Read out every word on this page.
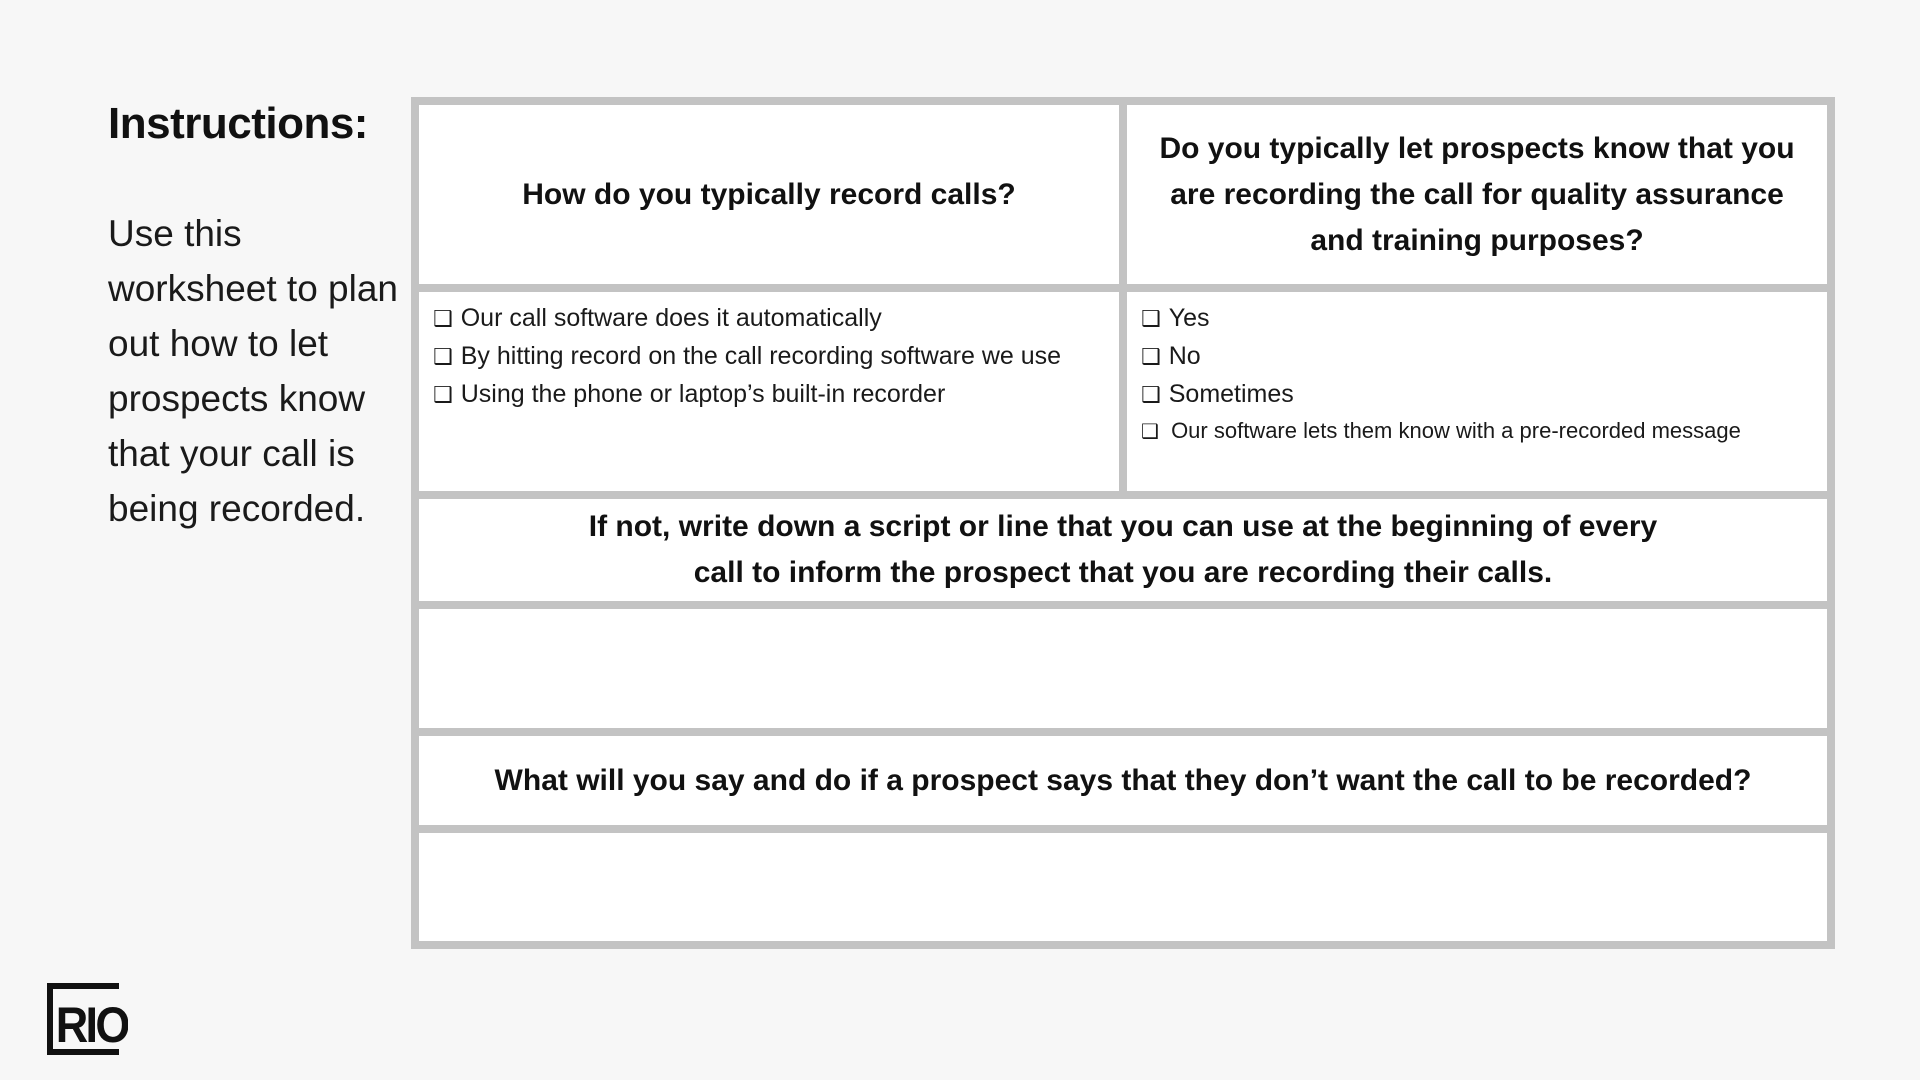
Instructions:

Use this worksheet to plan out how to let prospects know that your call is being recorded.

How do you typically record calls?
Do you typically let prospects know that you are recording the call for quality assurance and training purposes?
❑ Our call software does it automatically
❑ By hitting record on the call recording software we use
❑ Using the phone or laptop’s built-in recorder
❑ Yes
❑ No
❑ Sometimes
❑ Our software lets them know with a pre-recorded message
If not, write down a script or line that you can use at the beginning of every call to inform the prospect that you are recording their calls.
What will you say and do if a prospect says that they don’t want the call to be recorded?
RIO
